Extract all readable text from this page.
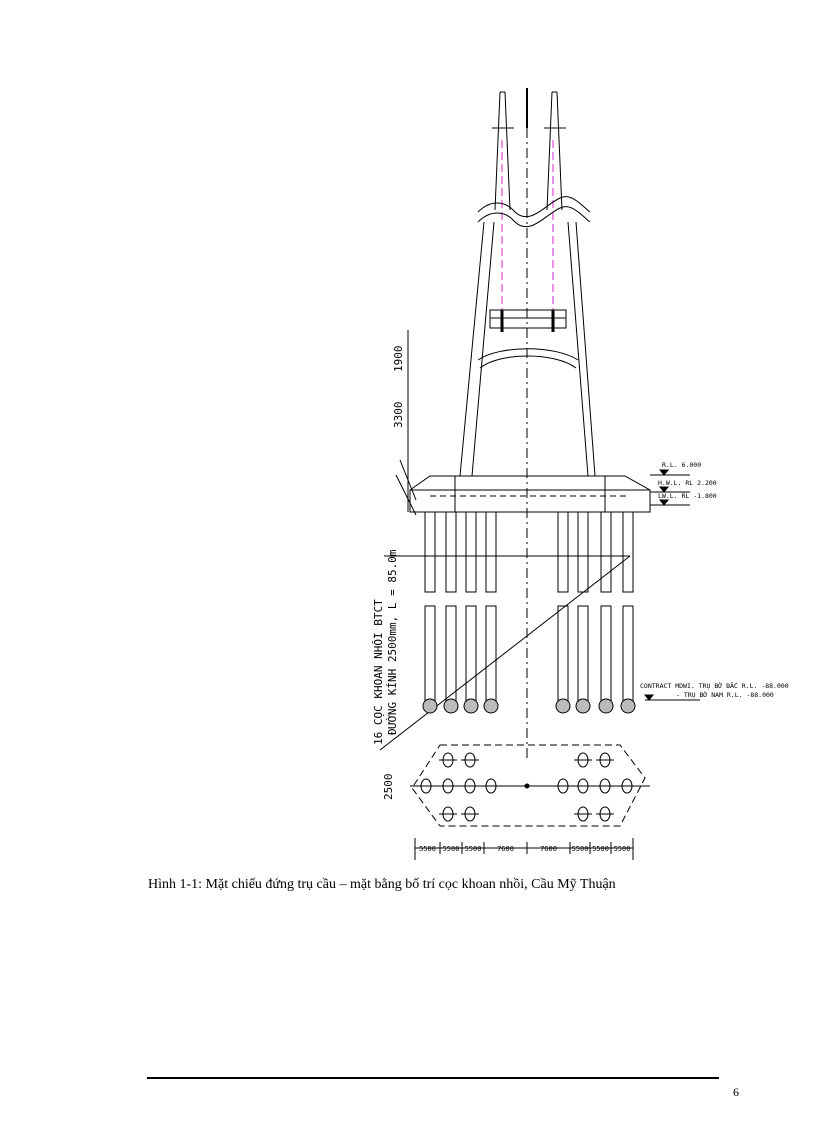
1900
3300
16 CỌC KHOAN NHỒI BTCT ĐƯỜNG KÍNH 2500mm, L = 85.0m
2500
R.L. 6.000
H.W.L. RL 2.200
LW.L. RL -1.800
CONTRACT MDWI. TRỤ BỜ BẮC R.L. -88.000
- TRỤ BỜ NAM R.L. -88.000
5500 5500 5500 7600	7600 5500 5500 5500
Hình 1-1: Mặt chiếu đứng trụ cầu – mặt bằng bố trí cọc khoan nhồi, Cầu Mỹ Thuận
6
